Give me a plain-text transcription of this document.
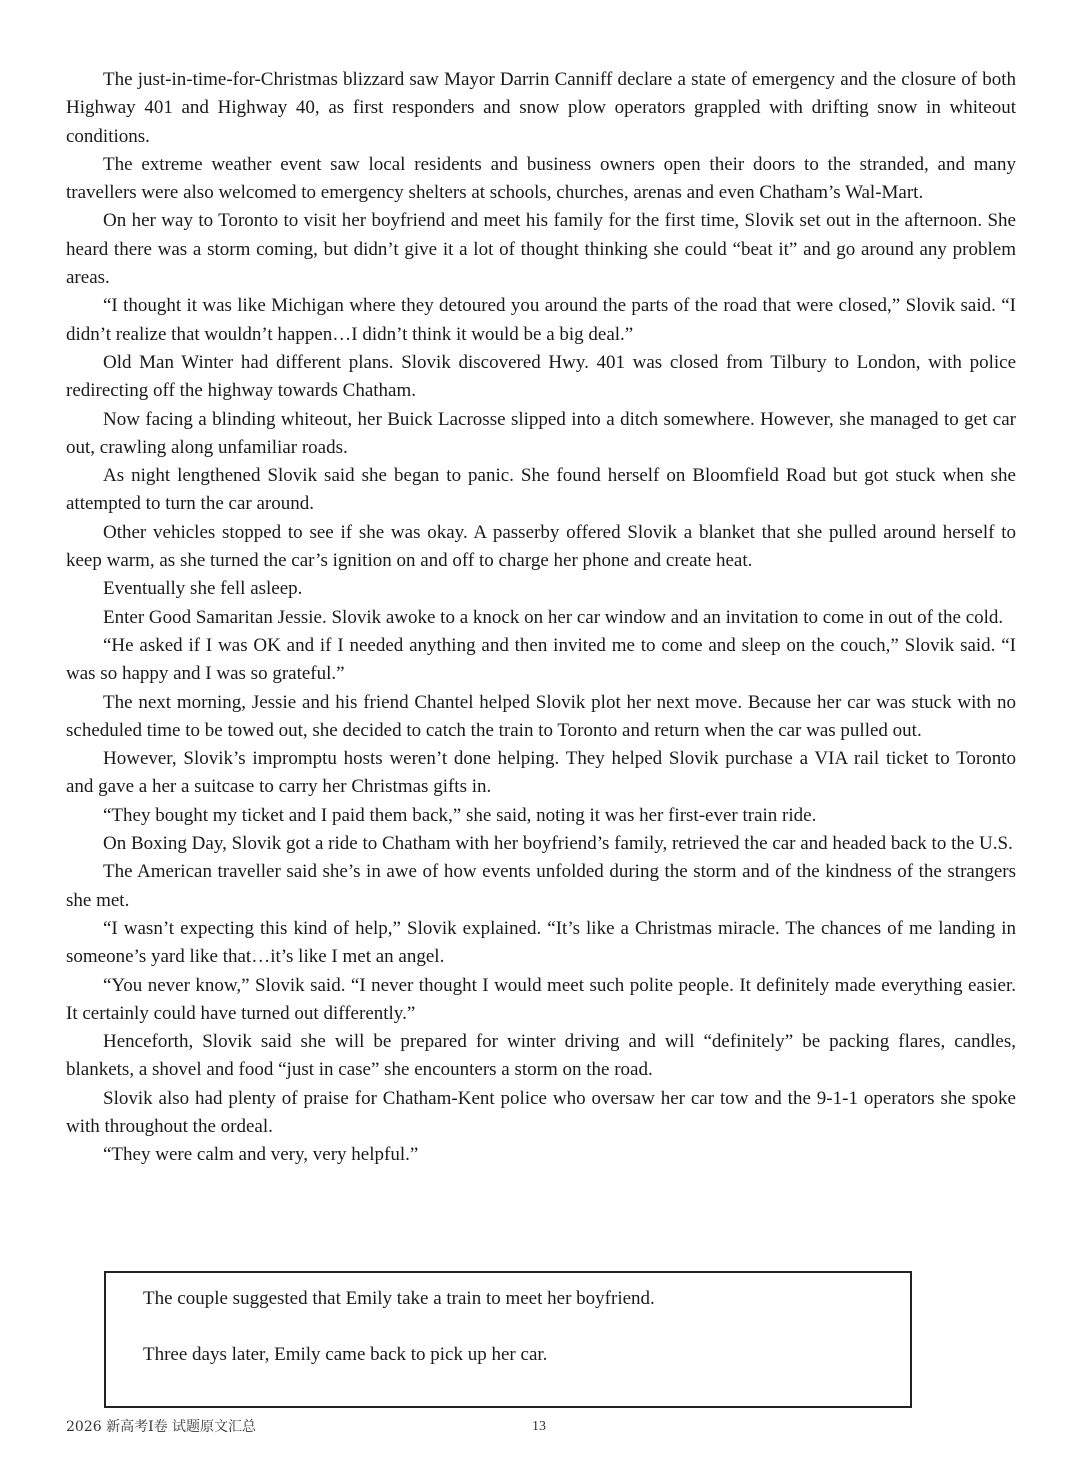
The just-in-time-for-Christmas blizzard saw Mayor Darrin Canniff declare a state of emergency and the closure of both Highway 401 and Highway 40, as first responders and snow plow operators grappled with drifting snow in whiteout conditions.

The extreme weather event saw local residents and business owners open their doors to the stranded, and many travellers were also welcomed to emergency shelters at schools, churches, arenas and even Chatham’s Wal-Mart.

On her way to Toronto to visit her boyfriend and meet his family for the first time, Slovik set out in the afternoon. She heard there was a storm coming, but didn’t give it a lot of thought thinking she could “beat it” and go around any problem areas.

“I thought it was like Michigan where they detoured you around the parts of the road that were closed,” Slovik said. “I didn’t realize that wouldn’t happen…I didn’t think it would be a big deal.”

Old Man Winter had different plans. Slovik discovered Hwy. 401 was closed from Tilbury to London, with police redirecting off the highway towards Chatham.

Now facing a blinding whiteout, her Buick Lacrosse slipped into a ditch somewhere. However, she managed to get car out, crawling along unfamiliar roads.

As night lengthened Slovik said she began to panic. She found herself on Bloomfield Road but got stuck when she attempted to turn the car around.

Other vehicles stopped to see if she was okay. A passerby offered Slovik a blanket that she pulled around herself to keep warm, as she turned the car’s ignition on and off to charge her phone and create heat.

Eventually she fell asleep.

Enter Good Samaritan Jessie. Slovik awoke to a knock on her car window and an invitation to come in out of the cold.

“He asked if I was OK and if I needed anything and then invited me to come and sleep on the couch,” Slovik said. “I was so happy and I was so grateful.”

The next morning, Jessie and his friend Chantel helped Slovik plot her next move. Because her car was stuck with no scheduled time to be towed out, she decided to catch the train to Toronto and return when the car was pulled out.

However, Slovik’s impromptu hosts weren’t done helping. They helped Slovik purchase a VIA rail ticket to Toronto and gave a her a suitcase to carry her Christmas gifts in.

“They bought my ticket and I paid them back,” she said, noting it was her first-ever train ride.

On Boxing Day, Slovik got a ride to Chatham with her boyfriend’s family, retrieved the car and headed back to the U.S.

The American traveller said she’s in awe of how events unfolded during the storm and of the kindness of the strangers she met.

“I wasn’t expecting this kind of help,” Slovik explained. “It’s like a Christmas miracle. The chances of me landing in someone’s yard like that…it’s like I met an angel.

“You never know,” Slovik said. “I never thought I would meet such polite people. It definitely made everything easier. It certainly could have turned out differently.”

Henceforth, Slovik said she will be prepared for winter driving and will “definitely” be packing flares, candles, blankets, a shovel and food “just in case” she encounters a storm on the road.

Slovik also had plenty of praise for Chatham-Kent police who oversaw her car tow and the 9-1-1 operators she spoke with throughout the ordeal.

“They were calm and very, very helpful.”

The couple suggested that Emily take a train to meet her boyfriend.

Three days later, Emily came back to pick up her car.

2026 新高考I卷 试题原文汇总	13
